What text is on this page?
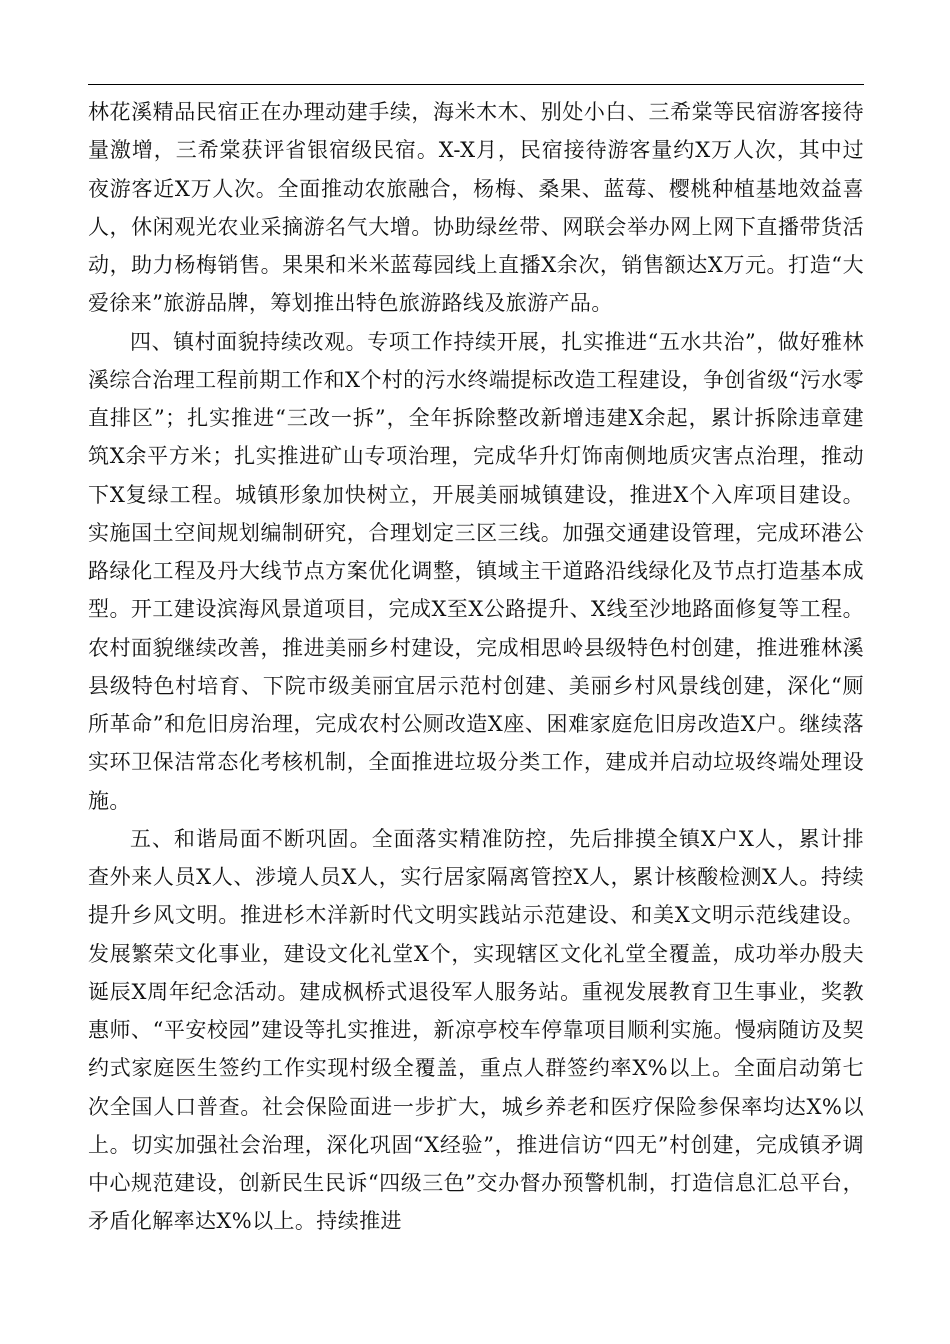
林花溪精品民宿正在办理动建手续，海米木木、别处小白、三希棠等民宿游客接待量激增，三希棠获评省银宿级民宿。X-X月，民宿接待游客量约X万人次，其中过夜游客近X万人次。全面推动农旅融合，杨梅、桑果、蓝莓、樱桃种植基地效益喜人，休闲观光农业采摘游名气大增。协助绿丝带、网联会举办网上网下直播带货活动，助力杨梅销售。果果和米米蓝莓园线上直播X余次，销售额达X万元。打造“大爱徐来”旅游品牌，筹划推出特色旅游路线及旅游产品。

四、镇村面貌持续改观。专项工作持续开展，扎实推进“五水共治”，做好雅林溪综合治理工程前期工作和X个村的污水终端提标改造工程建设，争创省级“污水零直排区”；扎实推进“三改一拆”，全年拆除整改新增违建X余起，累计拆除违章建筑X余平方米；扎实推进矿山专项治理，完成华升灯饰南侧地质灾害点治理，推动下X复绿工程。城镇形象加快树立，开展美丽城镇建设，推进X个入库项目建设。实施国土空间规划编制研究，合理划定三区三线。加强交通建设管理，完成环港公路绿化工程及丹大线节点方案优化调整，镇域主干道路沿线绿化及节点打造基本成型。开工建设滨海风景道项目，完成X至X公路提升、X线至沙地路面修复等工程。农村面貌继续改善，推进美丽乡村建设，完成相思岭县级特色村创建，推进雅林溪县级特色村培育、下院市级美丽宜居示范村创建、美丽乡村风景线创建，深化“厕所革命”和危旧房治理，完成农村公厕改造X座、困难家庭危旧房改造X户。继续落实环卫保洁常态化考核机制，全面推进垃圾分类工作，建成并启动垃圾终端处理设施。

五、和谐局面不断巩固。全面落实精准防控，先后排摸全镇X户X人，累计排查外来人员X人、涉境人员X人，实行居家隔离管控X人，累计核酸检测X人。持续提升乡风文明。推进杉木洋新时代文明实践站示范建设、和美X文明示范线建设。发展繁荣文化事业，建设文化礼堂X个，实现辖区文化礼堂全覆盖，成功举办殷夫诞辰X周年纪念活动。建成枫桥式退役军人服务站。重视发展教育卫生事业，奖教惠师、“平安校园”建设等扎实推进，新凉亭校车停靠项目顺利实施。慢病随访及契约式家庭医生签约工作实现村级全覆盖，重点人群签约率X%以上。全面启动第七次全国人口普查。社会保险面进一步扩大，城乡养老和医疗保险参保率均达X%以上。切实加强社会治理，深化巩固“X经验”，推进信访“四无”村创建，完成镇矛调中心规范建设，创新民生民诉“四级三色”交办督办预警机制，打造信息汇总平台，矛盾化解率达X%以上。持续推进
